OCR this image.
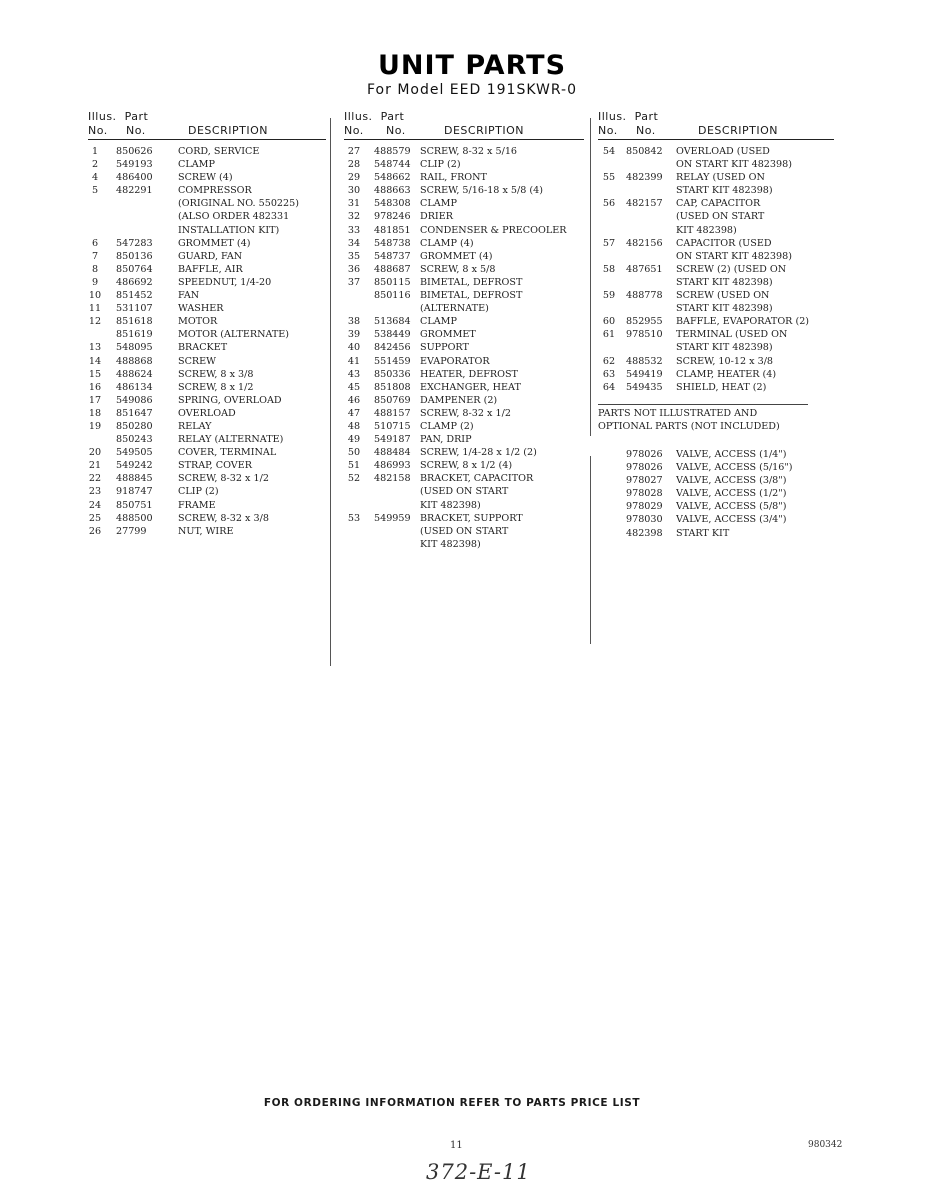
UNIT PARTS
For Model EED 191SKWR-0
Illus. Part
No. No.	DESCRIPTION
1	850626	CORD, SERVICE
2	549193	CLAMP
4	486400	SCREW (4)
5	482291	COMPRESSOR
(ORIGINAL NO. 550225)
(ALSO ORDER 482331
INSTALLATION KIT)
6	547283	GROMMET (4)
7	850136	GUARD, FAN
8	850764	BAFFLE, AIR
9	486692	SPEEDNUT, 1/4-20
10	851452	FAN
11	531107	WASHER
12	851618	MOTOR
851619	MOTOR (ALTERNATE)
13	548095	BRACKET
14	488868	SCREW
15	488624	SCREW, 8 x 3/8
16	486134	SCREW, 8 x 1/2
17	549086	SPRING, OVERLOAD
18	851647	OVERLOAD
19	850280	RELAY
850243	RELAY (ALTERNATE)
20	549505	COVER, TERMINAL
21	549242	STRAP, COVER
22	488845	SCREW, 8-32 x 1/2
23	918747	CLIP (2)
24	850751	FRAME
25	488500	SCREW, 8-32 x 3/8
26	27799	NUT, WIRE
Illus. Part
No. No.	DESCRIPTION
27	488579 SCREW, 8-32 x 5/16
28	548744 CLIP (2)
29	548662 RAIL, FRONT
30	488663 SCREW, 5/16-18 x 5/8 (4)
31	548308 CLAMP
32	978246 DRIER
33	481851 CONDENSER & PRECOOLER
34	548738 CLAMP (4)
35	548737 GROMMET (4)
36	488687 SCREW, 8 x 5/8
37	850115 BIMETAL, DEFROST
850116 BIMETAL, DEFROST
(ALTERNATE)
38	513684 CLAMP
39	538449 GROMMET
40	842456 SUPPORT
41	551459 EVAPORATOR
43	850336 HEATER, DEFROST
45	851808 EXCHANGER, HEAT
46	850769 DAMPENER (2)
47	488157 SCREW, 8-32 x 1/2
48	510715 CLAMP (2)
49	549187 PAN, DRIP
50	488484 SCREW, 1/4-28 x 1/2 (2)
51	486993 SCREW, 8 x 1/2 (4)
52	482158 BRACKET, CAPACITOR
(USED ON START
KIT 482398)
53	549959 BRACKET, SUPPORT
(USED ON START
KIT 482398)
Illus. Part
No. No.	DESCRIPTION
54	850842	OVERLOAD (USED
ON START KIT 482398)
55	482399	RELAY (USED ON
START KIT 482398)
56	482157	CAP, CAPACITOR
(USED ON START
KIT 482398)
57	482156	CAPACITOR (USED
ON START KIT 482398)
58	487651	SCREW (2) (USED ON
START KIT 482398)
59	488778	SCREW (USED ON
START KIT 482398)
60	852955	BAFFLE, EVAPORATOR (2)
61	978510	TERMINAL (USED ON
START KIT 482398)
62	488532	SCREW, 10-12 x 3/8
63	549419	CLAMP, HEATER (4)
64	549435	SHIELD, HEAT (2)
PARTS NOT ILLUSTRATED AND
OPTIONAL PARTS (NOT INCLUDED)
978026	VALVE, ACCESS (1/4")
978026	VALVE, ACCESS (5/16")
978027	VALVE, ACCESS (3/8")
978028	VALVE, ACCESS (1/2")
978029	VALVE, ACCESS (5/8")
978030	VALVE, ACCESS (3/4")
482398	START KIT
FOR ORDERING INFORMATION REFER TO PARTS PRICE LIST
11	980342
372-E-11
